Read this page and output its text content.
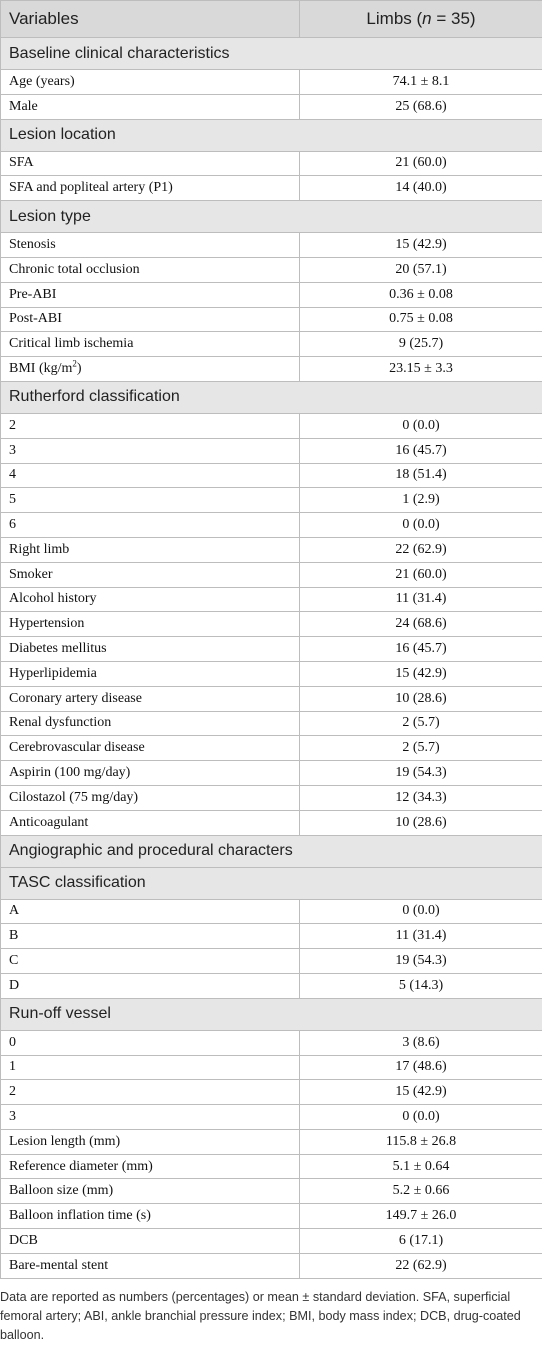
Variables	Limbs (n = 35)
Baseline clinical characteristics	
Age (years)	74.1 ± 8.1
Male	25 (68.6)
Lesion location	
SFA	21 (60.0)
SFA and popliteal artery (P1)	14 (40.0)
Lesion type	
Stenosis	15 (42.9)
Chronic total occlusion	20 (57.1)
Pre-ABI	0.36 ± 0.08
Post-ABI	0.75 ± 0.08
Critical limb ischemia	9 (25.7)
BMI $(kg/m^2)$	23.15 ± 3.3
Rutherford classification	
2	0 (0.0)
3	16 (45.7)
4	18 (51.4)
5	1 (2.9)
6	0 (0.0)
Right limb	22 (62.9)
Smoker	21 (60.0)
Alcohol history	11 (31.4)
Hypertension	24 (68.6)
Diabetes mellitus	16 (45.7)
Hyperlipidemia	15 (42.9)
Coronary artery disease	10 (28.6)
Renal dysfunction	2 (5.7)
Cerebrovascular disease	2 (5.7)
Aspirin (100 mg/day)	19 (54.3)
Cilostazol (75 mg/day)	12 (34.3)
Anticoagulant	10 (28.6)
Angiographic and procedural characters	
TASC classification	
A	0 (0.0)
B	11 (31.4)
C	19 (54.3)
D	5 (14.3)
Run-off vessel	
0	3 (8.6)
1	17 (48.6)
2	15 (42.9)
3	0 (0.0)
Lesion length (mm)	115.8 ± 26.8
Reference diameter (mm)	5.1 ± 0.64
Balloon size (mm)	5.2 ± 0.66
Balloon inflation time (s)	149.7 ± 26.0
DCB	6 (17.1)
Bare-mental stent	22 (62.9)
Data are reported as numbers (percentages) or mean ± standard deviation. SFA, superficial femoral artery; ABI, ankle branchial pressure index; BMI, body mass index; DCB, drug-coated balloon.
